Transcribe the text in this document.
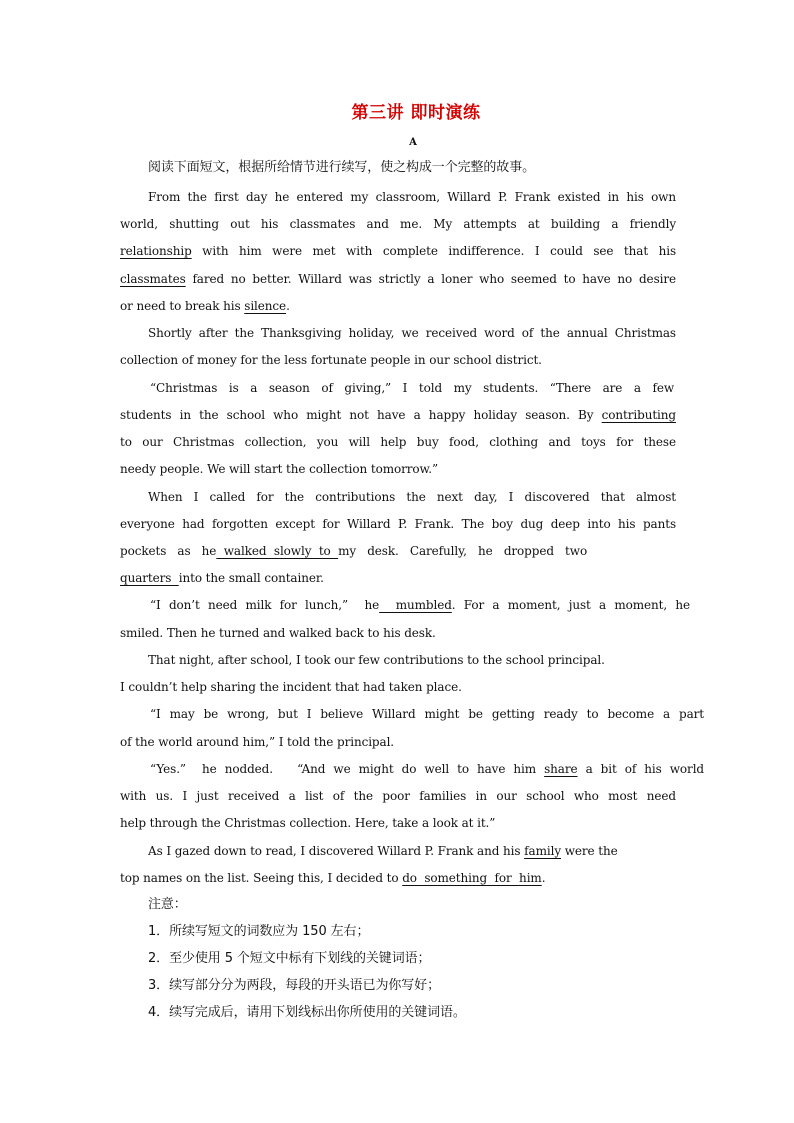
第三讲 即时演练
A
阅读下面短文，根据所给情节进行续写，使之构成一个完整的故事。
From the first day he entered my classroom, Willard P. Frank existed in his own
world, shutting out his classmates and me. My attempts at building a friendly
relationship with him were met with complete indifference. I could see that his
classmates fared no better. Willard was strictly a loner who seemed to have no desire
or need to break his silence.
Shortly after the Thanksgiving holiday, we received word of the annual Christmas
collection of money for the less fortunate people in our school district.
“Christmas is a season of giving,” I told my students. “There are a few
students in the school who might not have a happy holiday season. By contributing
to our Christmas collection, you will help buy food, clothing and toys for these
needy people. We will start the collection tomorrow.”
When I called for the contributions the next day, I discovered that almost
everyone had forgotten except for Willard P. Frank. The boy dug deep into his pants
pockets   as   he  walked  slowly  to  my   desk.   Carefully,   he   dropped   two
quarters  into the small container.
“I don’t need milk for lunch,”  he  mumbled. For a moment, just a moment, he
smiled. Then he turned and walked back to his desk.
That night, after school, I took our few contributions to the school principal.
I couldn’t help sharing the incident that had taken place.
“I may be wrong, but I believe Willard might be getting ready to become a part
of the world around him,” I told the principal.
“Yes.”  he nodded.   “And we might do well to have him share a bit of his world
with us. I just received a list of the poor families in our school who most need
help through the Christmas collection. Here, take a look at it.”
As I gazed down to read, I discovered Willard P. Frank and his family were the
top names on the list. Seeing this, I decided to do  something  for  him.
注意：
1．所续写短文的词数应为 150 左右；
2．至少使用 5 个短文中标有下划线的关键词语；
3．续写部分分为两段，每段的开头语已为你写好；
4．续写完成后，请用下划线标出你所使用的关键词语。
